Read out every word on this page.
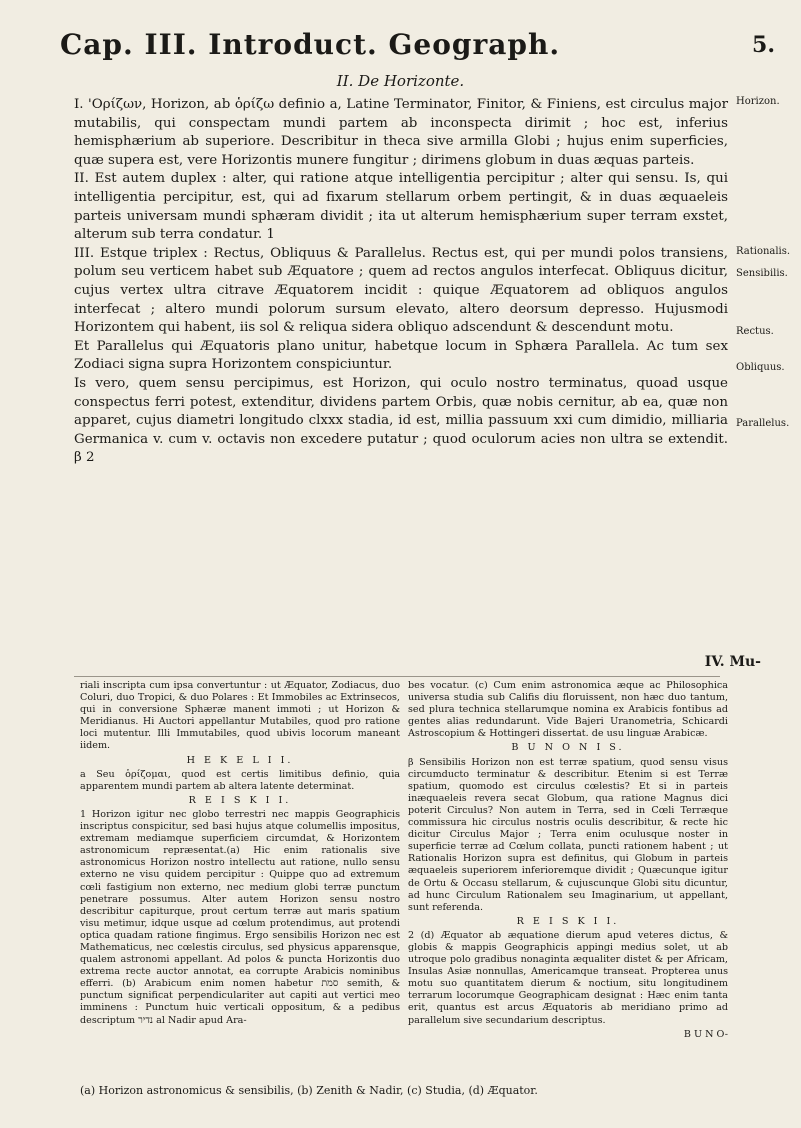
Cap. III. Introduct. Geograph.	5.
II. De Horizonte.

I. 'Ορίζων, Horizon, ab ὁρίζω definio a, Latine Terminator, Finitor, & Finiens, est circulus major mutabilis, qui conspectam mundi partem ab inconspecta dirimit ; hoc est, inferius hemisphærium ab superiore. Describitur in theca sive armilla Globi ; hujus enim superficies, quæ supera est, vere Horizontis munere fungitur ; dirimens globum in duas æquas parteis.

II. Est autem duplex : alter, qui ratione atque intelligentia percipitur ; alter qui sensu. Is, qui intelligentia percipitur, est, qui ad fixarum stellarum orbem pertingit, & in duas æquaeleis parteis universam mundi sphæram dividit ; ita ut alterum hemisphærium super terram exstet, alterum sub terra condatur. 1

III. Estque triplex : Rectus, Obliquus & Parallelus. Rectus est, qui per mundi polos transiens, polum seu verticem habet sub Æquatore ; quem ad rectos angulos interfecat. Obliquus dicitur, cujus vertex ultra citrave Æquatorem incidit : quique Æquatorem ad obliquos angulos interfecat ; altero mundi polorum sursum elevato, altero deorsum depresso. Hujusmodi Horizontem qui habent, iis sol & reliqua sidera obliquo adscendunt & descendunt motu.

Et Parallelus qui Æquatoris plano unitur, habetque locum in Sphæra Parallela. Ac tum sex Zodiaci signa supra Horizontem conspiciuntur.

Is vero, quem sensu percipimus, est Horizon, qui oculo nostro terminatus, quoad usque conspectus ferri potest, extenditur, dividens partem Orbis, quæ nobis cernitur, ab ea, quæ non apparet, cujus diametri longitudo clxxx stadia, id est, millia passuum xxi cum dimidio, milliaria Germanica v. cum v. octavis non excedere putatur ; quod oculorum acies non ultra se extendit. β 2

Horizon.
Rationalis.
Sensibilis.
Rectus.
Obliquus.
Parallelus.
IV. Mu-

riali inscripta cum ipsa convertuntur : ut Æquator, Zodiacus, duo Coluri, duo Tropici, & duo Polares : Et Immobiles ac Extrinsecos, qui in conversione Sphæræ manent immoti ; ut Horizon & Meridianus. Hi Auctori appellantur Mutabiles, quod pro ratione loci mutentur. Illi Immutabiles, quod ubivis locorum maneant iidem.

H E K E L I I.

a Seu ὁρίζομαι, quod est certis limitibus definio, quia apparentem mundi partem ab altera latente determinat.

R E I S K I I.

1 Horizon igitur nec globo terrestri nec mappis Geographicis inscriptus conspicitur, sed basi hujus atque columellis impositus, extremam mediamque superficiem circumdat, & Horizontem astronomicum repræsentat.(a) Hic enim rationalis sive astronomicus Horizon nostro intellectu aut ratione, nullo sensu externo ne visu quidem percipitur : Quippe quo ad extremum cœli fastigium non externo, nec medium globi terræ punctum penetrare possumus. Alter autem Horizon sensu nostro describitur capiturque, prout certum terræ aut maris spatium visu metimur, idque usque ad cœlum protendimus, aut protendi optica quadam ratione fingimus. Ergo sensibilis Horizon nec est Mathematicus, nec cœlestis circulus, sed physicus apparensque, qualem astronomi appellant. Ad polos & puncta Horizontis duo extrema recte auctor annotat, ea corrupte Arabicis nominibus efferri. (b) Arabicum enim nomen habetur סמת semith, & punctum significat perpendiculariter aut capiti aut vertici meo imminens : Punctum huic verticali oppositum, & a pedibus descriptum נדיר al Nadir apud Ara-

bes vocatur. (c) Cum enim astronomica æque ac Philosophica universa studia sub Califis diu floruissent, non hæc duo tantum, sed plura technica stellarumque nomina ex Arabicis fontibus ad gentes alias redundarunt. Vide Bajeri Uranometria, Schicardi Astroscopium & Hottingeri dissertat. de usu linguæ Arabicæ.

B U N O N I S.

β Sensibilis Horizon non est terræ spatium, quod sensu visus circumducto terminatur & describitur. Etenim si est Terræ spatium, quomodo est circulus cœlestis? Et si in parteis inæquaeleis revera secat Globum, qua ratione Magnus dici poterit Circulus? Non autem in Terra, sed in Cœli Terræque commissura hic circulus nostris oculis describitur, & recte hic dicitur Circulus Major ; Terra enim oculusque noster in superficie terræ ad Cœlum collata, puncti rationem habent ; ut Rationalis Horizon supra est definitus, qui Globum in parteis æquaeleis superiorem inferioremque dividit ; Quæcunque igitur de Ortu & Occasu stellarum, & cujuscunque Globi situ dicuntur, ad hunc Circulum Rationalem seu Imaginarium, ut appellant, sunt referenda.

R E I S K I I.

2 (d) Æquator ab æquatione dierum apud veteres dictus, & globis & mappis Geographicis appingi medius solet, ut ab utroque polo gradibus nonaginta æqualiter distet & per Africam, Insulas Asiæ nonnullas, Americamque transeat. Propterea unus motu suo quantitatem dierum & noctium, situ longitudinem terrarum locorumque Geographicam designat : Hæc enim tanta erit, quantus est arcus Æquatoris ab meridiano primo ad parallelum sive secundarium descriptus.

B U N O-

(a) Horizon astronomicus & sensibilis, (b) Zenith & Nadir, (c) Studia, (d) Æquator.
